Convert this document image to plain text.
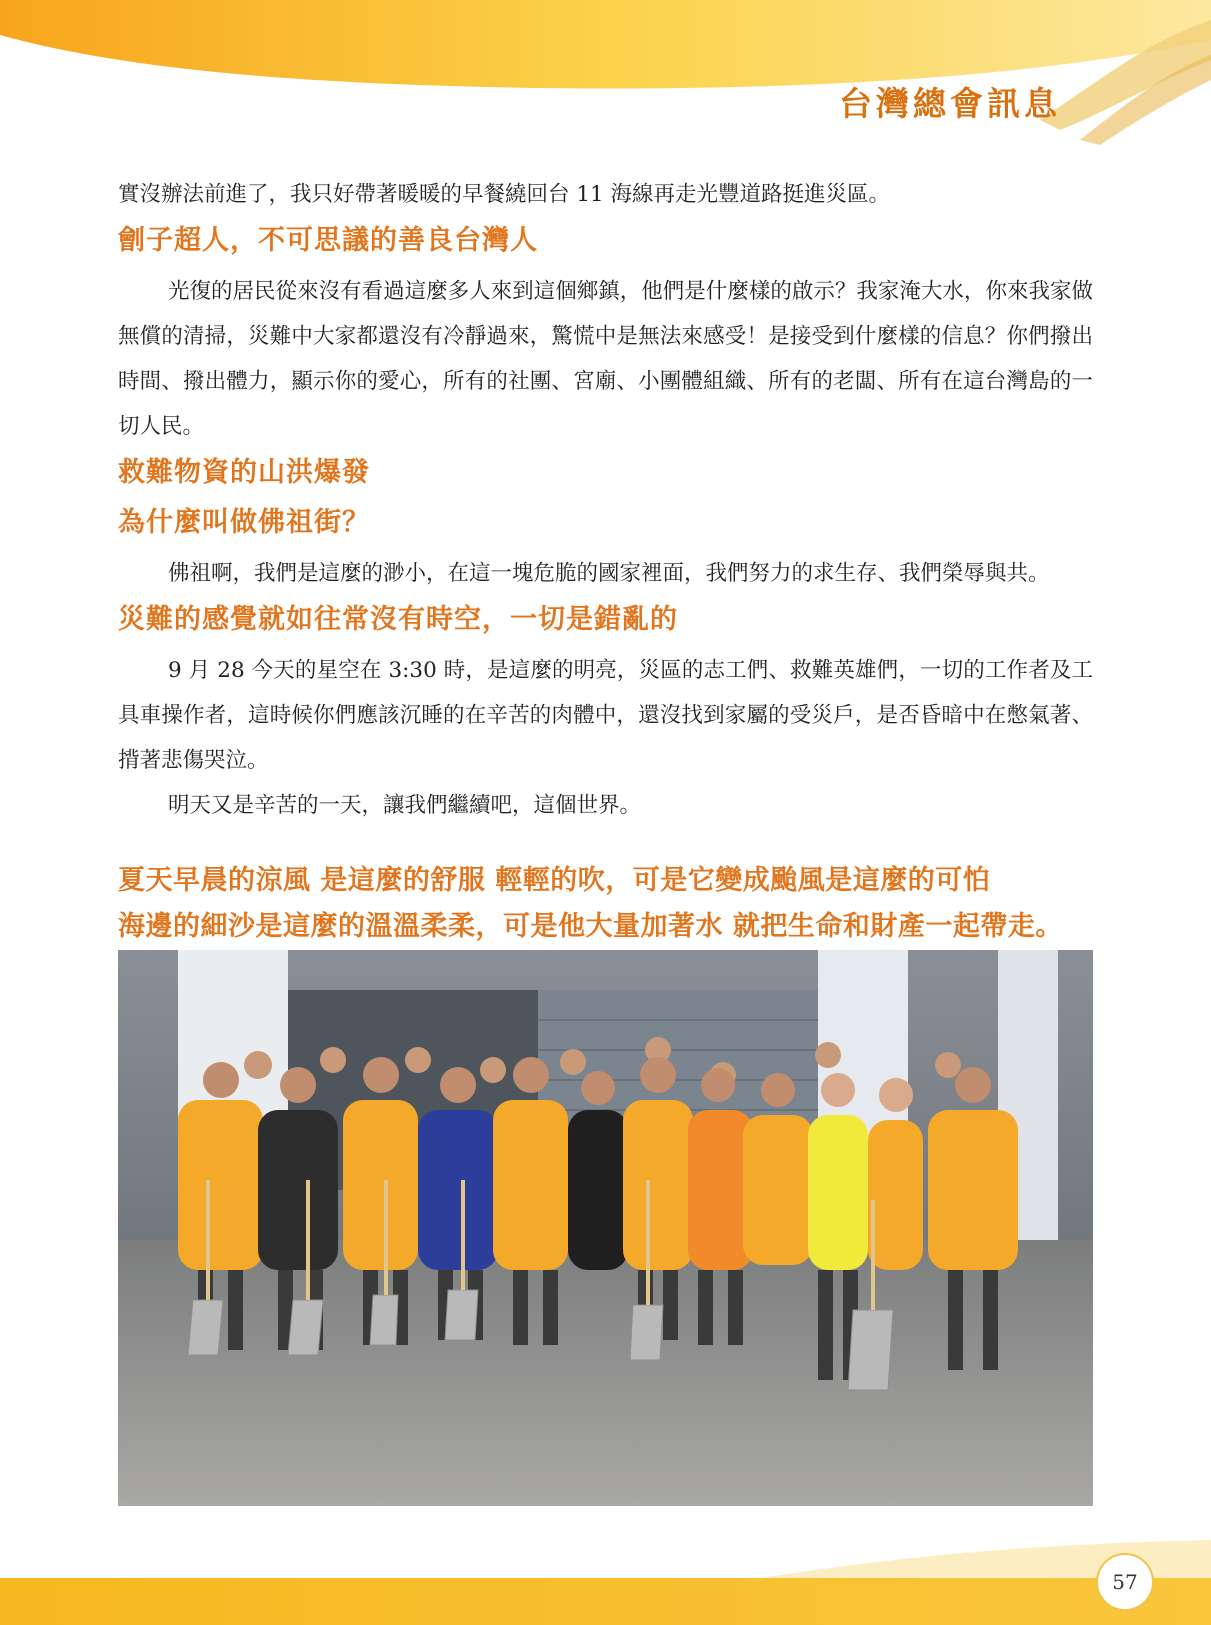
台灣總會訊息

實沒辦法前進了，我只好帶著暖暖的早餐繞回台 11 海線再走光豐道路挺進災區。

劊子超人，不可思議的善良台灣人

光復的居民從來沒有看過這麼多人來到這個鄉鎮，他們是什麼樣的啟示？我家淹大水，你來我家做無償的清掃，災難中大家都還沒有冷靜過來，驚慌中是無法來感受！是接受到什麼樣的信息？你們撥出時間、撥出體力，顯示你的愛心，所有的社團、宮廟、小團體組織、所有的老闆、所有在這台灣島的一切人民。

救難物資的山洪爆發
為什麼叫做佛祖街？

佛祖啊，我們是這麼的渺小，在這一塊危脆的國家裡面，我們努力的求生存、我們榮辱與共。

災難的感覺就如往常沒有時空，一切是錯亂的

9 月 28 今天的星空在 3:30 時，是這麼的明亮，災區的志工們、救難英雄們，一切的工作者及工具車操作者，這時候你們應該沉睡的在辛苦的肉體中，還沒找到家屬的受災戶，是否昏暗中在憋氣著、揹著悲傷哭泣。

明天又是辛苦的一天，讓我們繼續吧，這個世界。

夏天早晨的涼風 是這麼的舒服 輕輕的吹，可是它變成颱風是這麼的可怕
海邊的細沙是這麼的溫溫柔柔，可是他大量加著水 就把生命和財產一起帶走。
57
